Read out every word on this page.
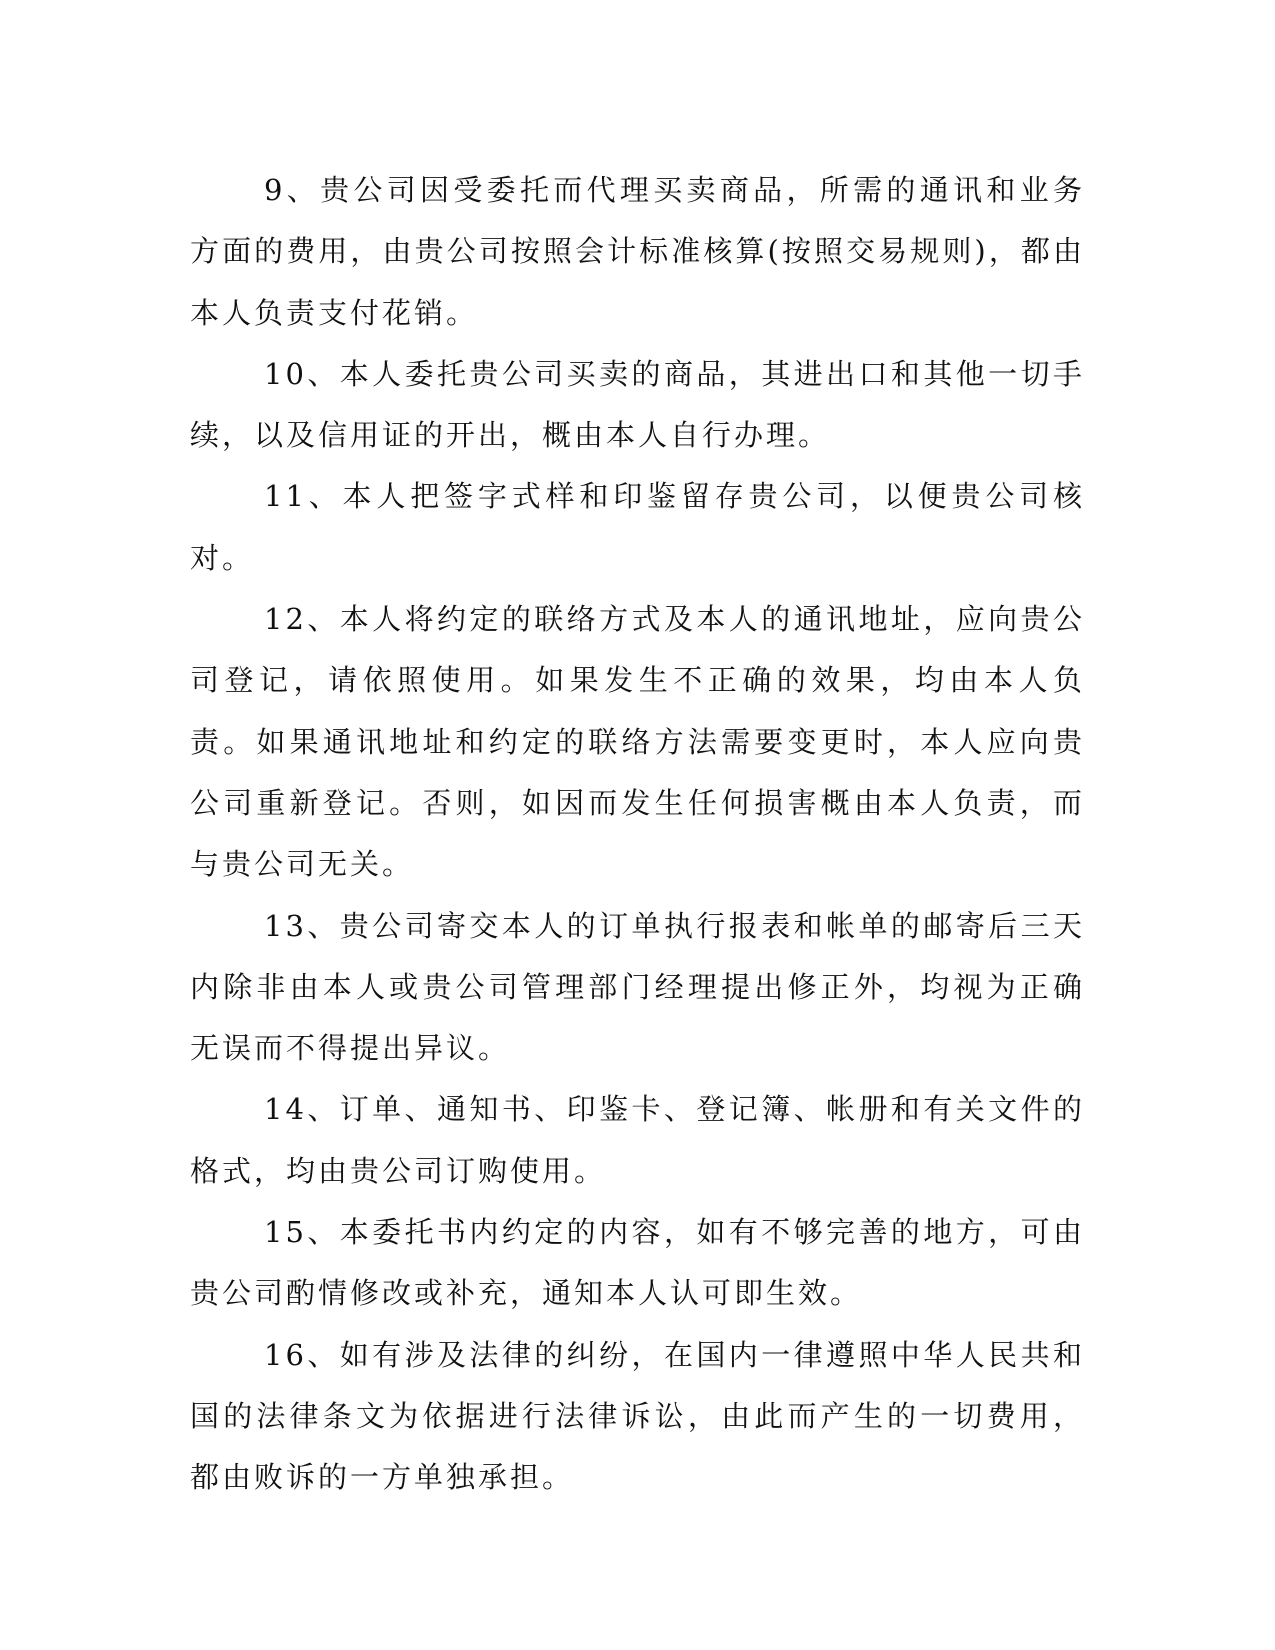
9、贵公司因受委托而代理买卖商品，所需的通讯和业务方面的费用，由贵公司按照会计标准核算(按照交易规则)，都由本人负责支付花销。

10、本人委托贵公司买卖的商品，其进出口和其他一切手续，以及信用证的开出，概由本人自行办理。

11、本人把签字式样和印鉴留存贵公司，以便贵公司核对。

12、本人将约定的联络方式及本人的通讯地址，应向贵公司登记，请依照使用。如果发生不正确的效果，均由本人负责。如果通讯地址和约定的联络方法需要变更时，本人应向贵公司重新登记。否则，如因而发生任何损害概由本人负责，而与贵公司无关。

13、贵公司寄交本人的订单执行报表和帐单的邮寄后三天内除非由本人或贵公司管理部门经理提出修正外，均视为正确无误而不得提出异议。

14、订单、通知书、印鉴卡、登记簿、帐册和有关文件的格式，均由贵公司订购使用。

15、本委托书内约定的内容，如有不够完善的地方，可由贵公司酌情修改或补充，通知本人认可即生效。

16、如有涉及法律的纠纷，在国内一律遵照中华人民共和国的法律条文为依据进行法律诉讼，由此而产生的一切费用，都由败诉的一方单独承担。
